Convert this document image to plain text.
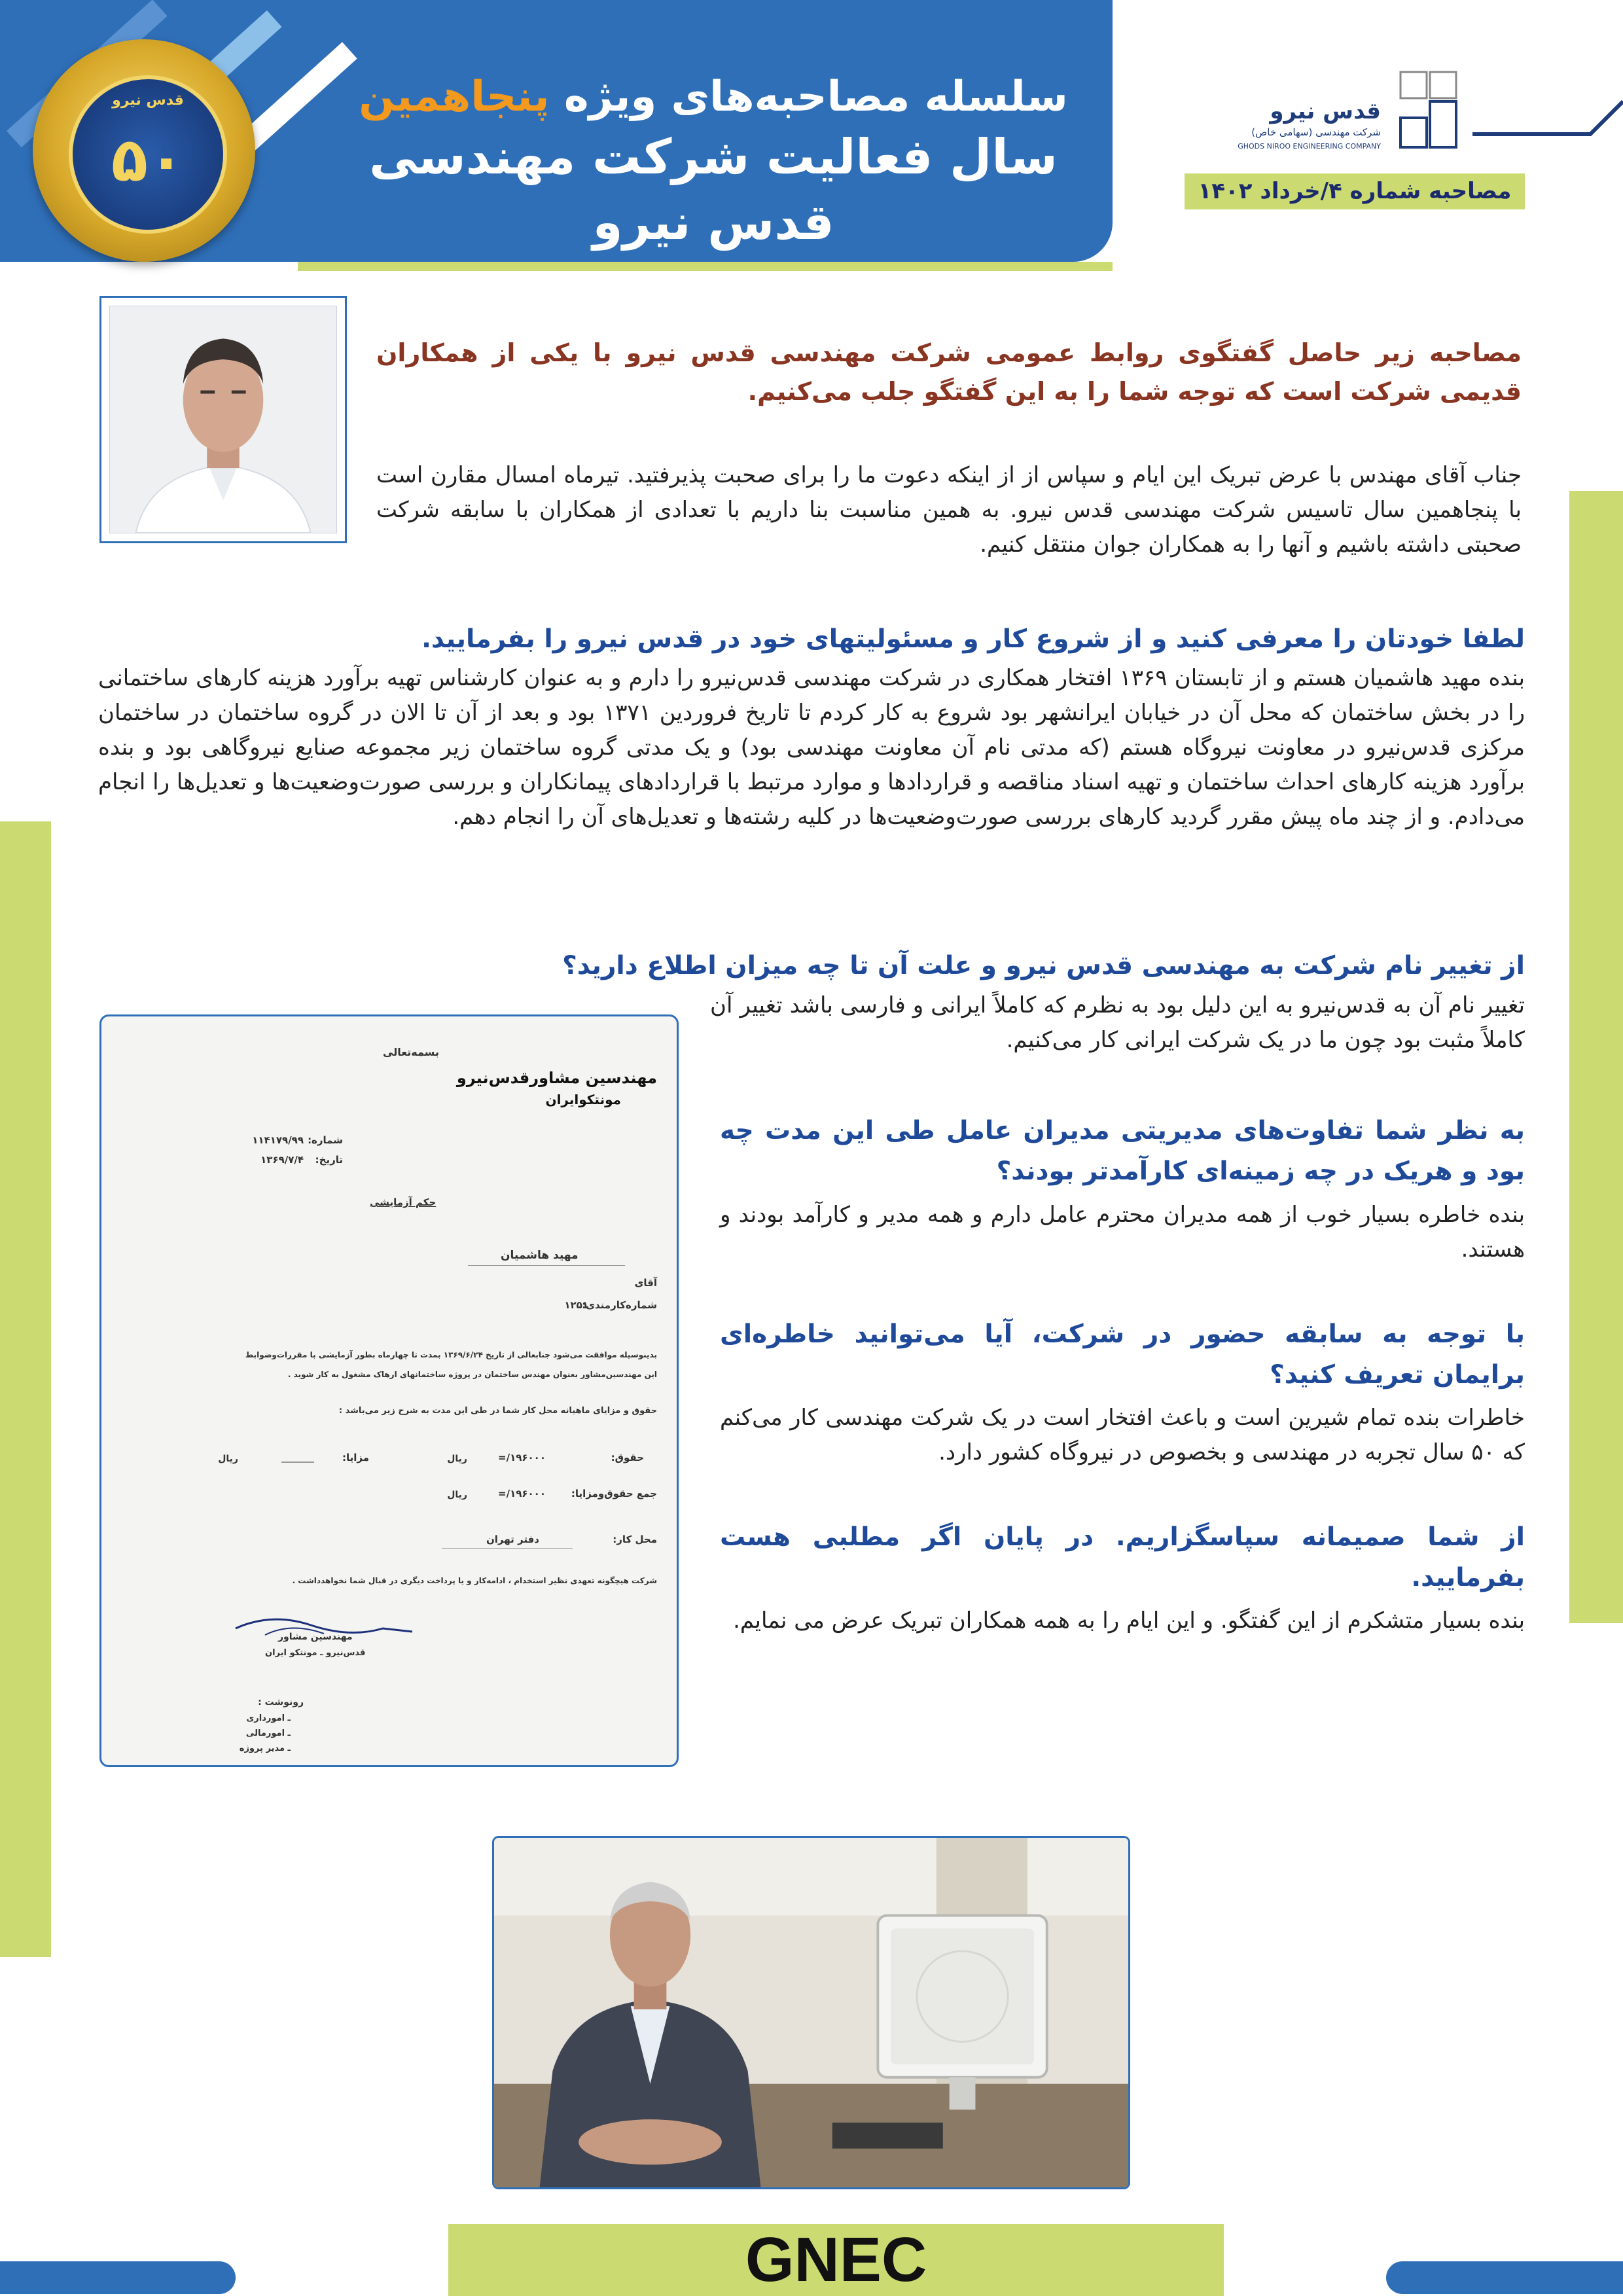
قدس نیرو
۵۰
سلسله مصاحبه‌های ویژه پنجاهمین
سال فعالیت شرکت مهندسی قدس نیرو
قدس نیرو
شرکت مهندسی (سهامی خاص)
GHODS NIROO ENGINEERING COMPANY
مصاحبه شماره ۴/خرداد ۱۴۰۲
مصاحبه زیر حاصل گفتگوی روابط عمومی شرکت مهندسی قدس نیرو با یکی از همکاران قدیمی شرکت است که توجه شما را به این گفتگو جلب می‌کنیم.
جناب آقای مهندس با عرض تبریک این ایام و سپاس از از اینکه دعوت ما را برای صحبت پذیرفتید. تیرماه امسال مقارن است با پنجاهمین سال تاسیس شرکت مهندسی قدس نیرو. به همین مناسبت بنا داریم با تعدادی از همکاران با سابقه شرکت صحبتی داشته باشیم و آنها را به همکاران جوان منتقل کنیم.
لطفا خودتان را معرفی کنید و از شروع کار و مسئولیتهای خود در قدس نیرو را بفرمایید.
بنده مهید هاشمیان هستم و از تابستان ۱۳۶۹ افتخار همکاری در شرکت مهندسی قدس‌نیرو را دارم و به عنوان کارشناس تهیه برآورد هزینه کارهای ساختمانی را در بخش ساختمان که محل آن در خیابان ایرانشهر بود شروع به کار کردم تا تاریخ فروردین ۱۳۷۱ بود و بعد از آن تا الان در گروه ساختمان در ساختمان مرکزی قدس‌نیرو در معاونت نیروگاه هستم (که مدتی نام آن معاونت مهندسی بود) و یک مدتی گروه ساختمان زیر مجموعه صنایع نیروگاهی بود و بنده برآورد هزینه کارهای احداث ساختمان و تهیه اسناد مناقصه و قراردادها و موارد مرتبط با قراردادهای پیمانکاران و بررسی صورت‌وضعیت‌ها و تعدیل‌ها را انجام می‌دادم. و از چند ماه پیش مقرر گردید کارهای بررسی صورت‌وضعیت‌ها در کلیه رشته‌ها و تعدیل‌های آن را انجام دهم.
از تغییر نام شرکت به مهندسی قدس نیرو و علت آن تا چه میزان اطلاع دارید؟
تغییر نام آن به قدس‌نیرو به این دلیل بود به نظرم که کاملاً ایرانی و فارسی باشد تغییر آن کاملاً مثبت بود چون ما در یک شرکت ایرانی کار می‌کنیم.
به نظر شما تفاوت‌های مدیریتی مدیران عامل طی این مدت چه بود و هریک در چه زمینه‌ای کارآمدتر بودند؟
بنده خاطره بسیار خوب از همه مدیران محترم عامل دارم و همه مدیر و کارآمد بودند و هستند.
با توجه به سابقه حضور در شرکت، آیا می‌توانید خاطره‌ای برایمان تعریف کنید؟
خاطرات بنده تمام شیرین است و باعث افتخار است در یک شرکت مهندسی کار می‌کنم که ۵۰ سال تجربه در مهندسی و بخصوص در نیروگاه کشور دارد.
از شما صمیمانه سپاسگزاریم. در پایان اگر مطلبی هست بفرمایید.
بنده بسیار متشکرم از این گفتگو. و این ایام را به همه همکاران تبریک عرض می نمایم.
بسمه‌تعالی
مهندسین مشاورقدس‌نیرو
مونتکوایران
شماره:
۱۱۴۱۷۹/۹۹
تاریخ:
۱۳۶۹/۷/۴
حکم آزمایشی
مهید هاشمیان
آقای
شماره‌کارمندی:
۱۲۵۱
بدینوسیله موافقت می‌شود جنابعالی از تاریخ ۱۳۶۹/۶/۲۴ بمدت تا چهارماه بطور آزمایشی با مقررات‌وضوابط
این مهندسین‌مشاور بعنوان مهندس ساختمان در پروژه ساختمانهای ارهاک مشغول به کار شوید .
حقوق و مزایای ماهیانه محل کار شما در طی این مدت به شرح زیر می‌باشد :
حقوق:
۱۹۶۰۰۰/=
ریال
مزایا:
ریال
جمع حقوق‌ومزایا:
۱۹۶۰۰۰/=
ریال
محل کار:
دفتر تهران
شرکت هیچگونه تعهدی نظیر استخدام ، ادامه‌کار و یا پرداخت دیگری در قبال شما نخواهدداشت .
مهندسین مشاور
قدس‌نیرو ـ مونتکو ایران
رونوشت :
ـ امورداری
ـ امورمالی
ـ مدیر پروژه
GNEC
